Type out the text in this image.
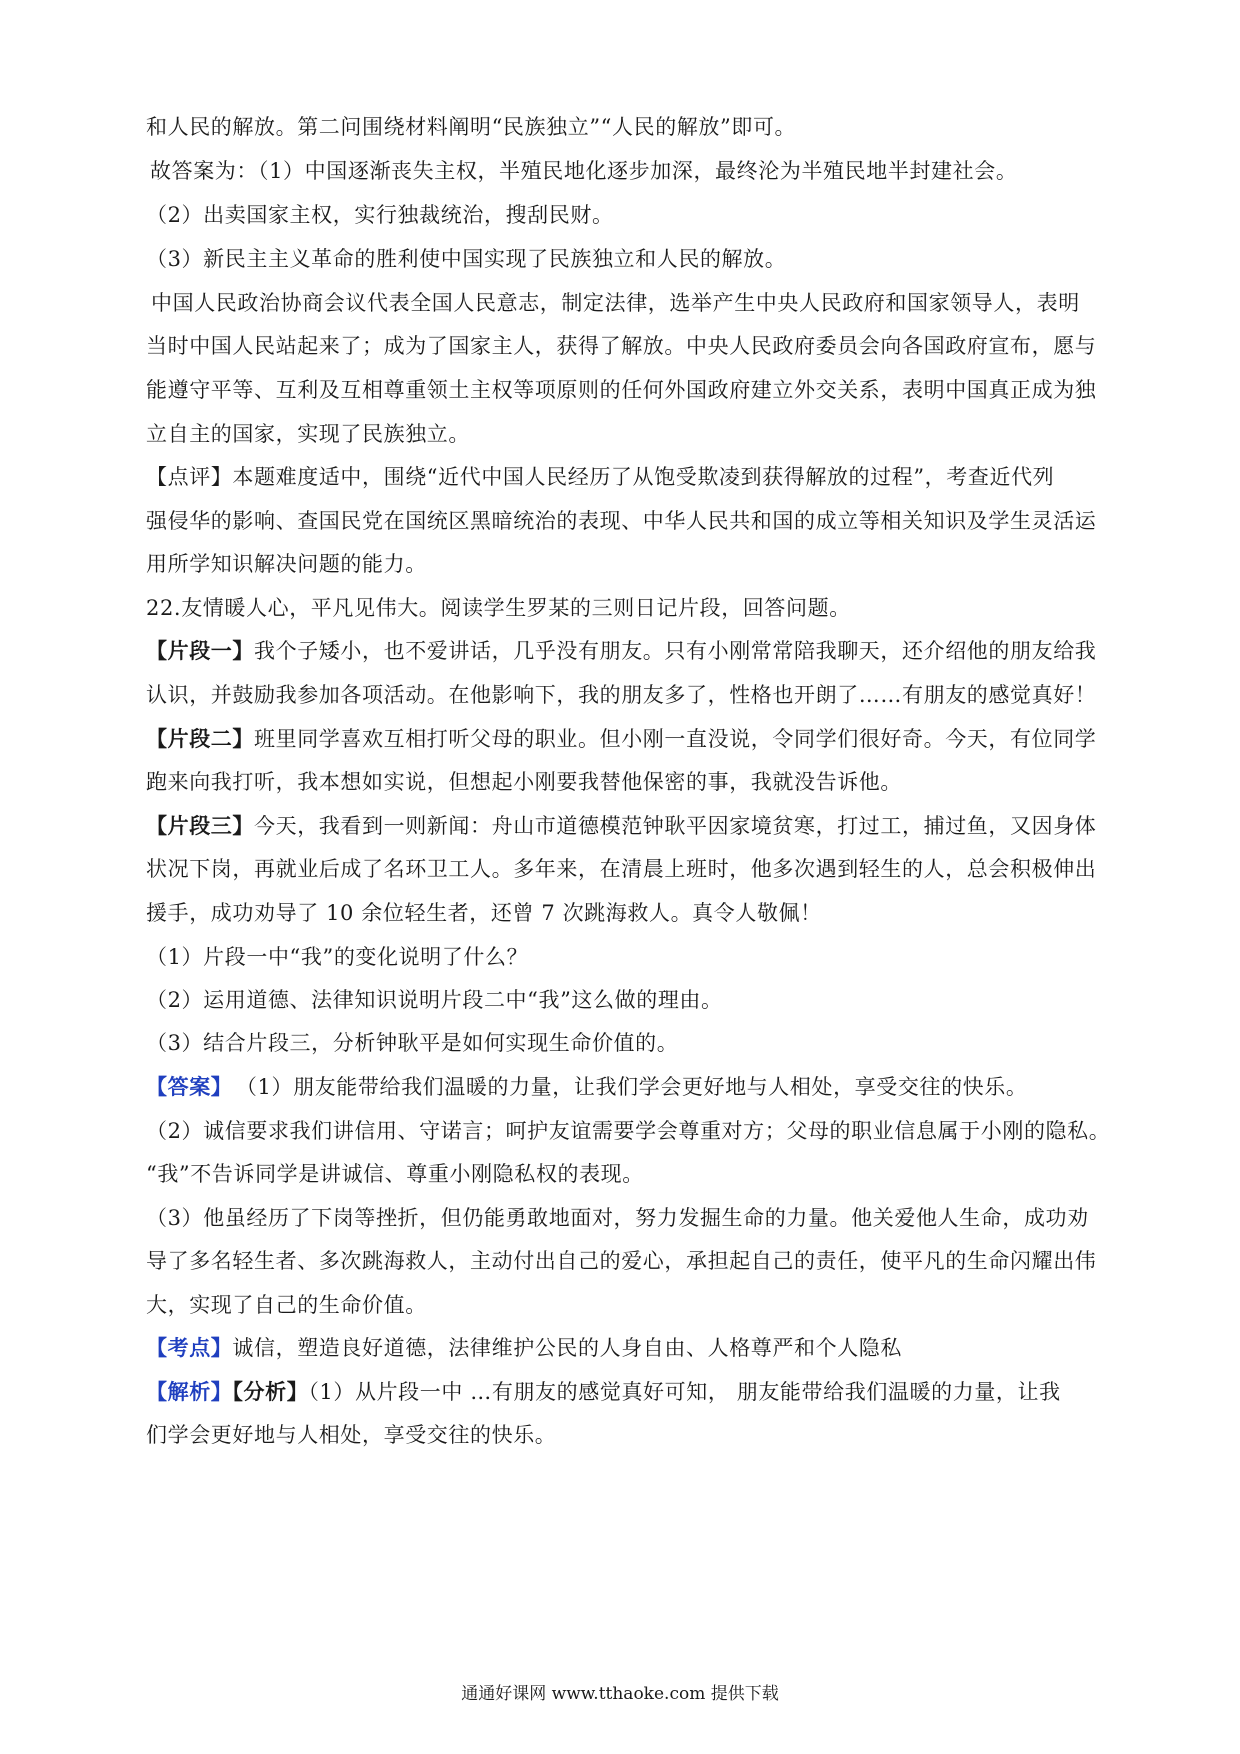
和人民的解放。第二问围绕材料阐明“民族独立”“人民的解放”即可。
故答案为：（1）中国逐渐丧失主权，半殖民地化逐步加深，最终沦为半殖民地半封建社会。
（2）出卖国家主权，实行独裁统治，搜刮民财。
（3）新民主主义革命的胜利使中国实现了民族独立和人民的解放。
中国人民政治协商会议代表全国人民意志，制定法律，选举产生中央人民政府和国家领导人，表明
当时中国人民站起来了；成为了国家主人，获得了解放。中央人民政府委员会向各国政府宣布，愿与
能遵守平等、互利及互相尊重领土主权等项原则的任何外国政府建立外交关系，表明中国真正成为独
立自主的国家，实现了民族独立。
【点评】本题难度适中，围绕“近代中国人民经历了从饱受欺凌到获得解放的过程”，考查近代列
强侵华的影响、查国民党在国统区黑暗统治的表现、中华人民共和国的成立等相关知识及学生灵活运
用所学知识解决问题的能力。
22.友情暖人心，平凡见伟大。阅读学生罗某的三则日记片段，回答问题。
【片段一】我个子矮小，也不爱讲话，几乎没有朋友。只有小刚常常陪我聊天，还介绍他的朋友给我
认识，并鼓励我参加各项活动。在他影响下，我的朋友多了，性格也开朗了……有朋友的感觉真好！
【片段二】班里同学喜欢互相打听父母的职业。但小刚一直没说，令同学们很好奇。今天，有位同学
跑来向我打听，我本想如实说，但想起小刚要我替他保密的事，我就没告诉他。
【片段三】今天，我看到一则新闻：舟山市道德模范钟耿平因家境贫寒，打过工，捕过鱼，又因身体
状况下岗，再就业后成了名环卫工人。多年来，在清晨上班时，他多次遇到轻生的人，总会积极伸出
援手，成功劝导了 10 余位轻生者，还曾 7 次跳海救人。真令人敬佩！
（1）片段一中“我”的变化说明了什么？
（2）运用道德、法律知识说明片段二中“我”这么做的理由。
（3）结合片段三，分析钟耿平是如何实现生命价值的。
【答案】 （1）朋友能带给我们温暖的力量，让我们学会更好地与人相处，享受交往的快乐。
（2）诚信要求我们讲信用、守诺言；呵护友谊需要学会尊重对方；父母的职业信息属于小刚的隐私。
“我”不告诉同学是讲诚信、尊重小刚隐私权的表现。
（3）他虽经历了下岗等挫折，但仍能勇敢地面对，努力发掘生命的力量。他关爱他人生命，成功劝
导了多名轻生者、多次跳海救人，主动付出自己的爱心，承担起自己的责任，使平凡的生命闪耀出伟
大，实现了自己的生命价值。
【考点】诚信，塑造良好道德，法律维护公民的人身自由、人格尊严和个人隐私
【解析】【分析】（1）从片段一中 …有朋友的感觉真好可知， 朋友能带给我们温暖的力量，让我
们学会更好地与人相处，享受交往的快乐。
通通好课网 www.tthaoke.com 提供下载
